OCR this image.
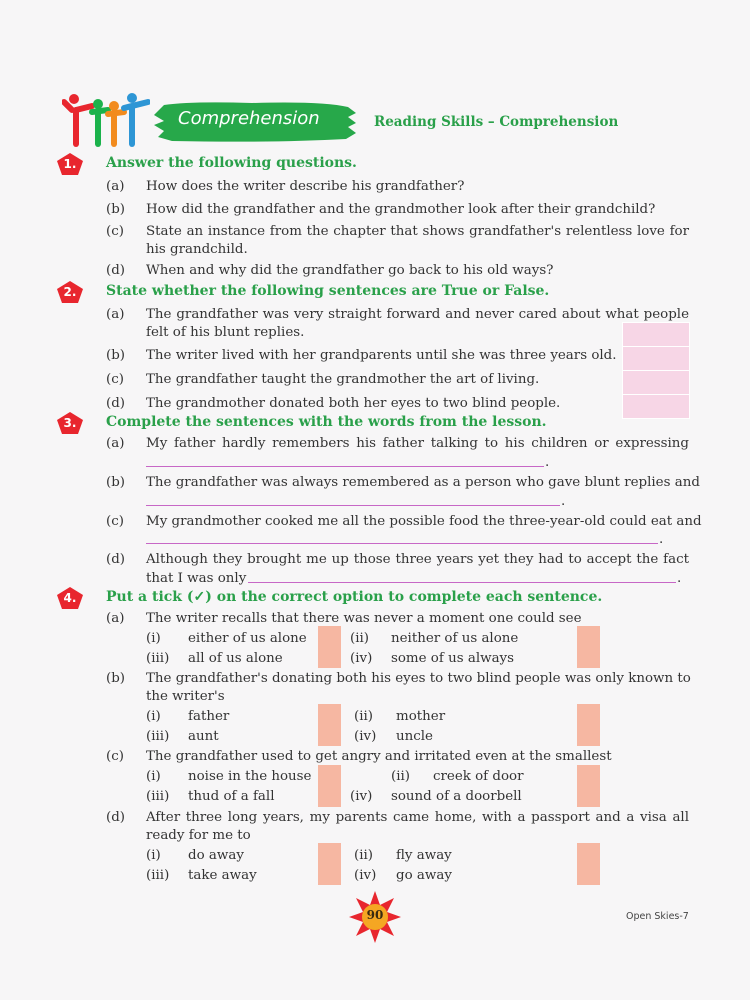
Comprehension	Reading Skills – Comprehension
1.	Answer the following questions.
(a) How does the writer describe his grandfather?
(b) How did the grandfather and the grandmother look after their grandchild?
(c) State an instance from the chapter that shows grandfather's relentless love for
his grandchild.
(d) When and why did the grandfather go back to his old ways?
2.	State whether the following sentences are True or False.
(a) The grandfather was very straight forward and never cared about what people
felt of his blunt replies.
(b) The writer lived with her grandparents until she was three years old.
(c) The grandfather taught the grandmother the art of living.
(d) The grandmother donated both her eyes to two blind people.
3.	Complete the sentences with the words from the lesson.
(a) My father hardly remembers his father talking to his children or expressing
.
(b) The grandfather was always remembered as a person who gave blunt replies and
.
(c) My grandmother cooked me all the possible food the three-year-old could eat and
.
(d) Although they brought me up those three years yet they had to accept the fact
that I was only	.
4.	Put a tick (✓) on the correct option to complete each sentence.
(a) The writer recalls that there was never a moment one could see
(i) either of us alone	(ii) neither of us alone
(iii) all of us alone	(iv) some of us always
(b) The grandfather's donating both his eyes to two blind people was only known to
the writer's
(i) father	(ii) mother
(iii) aunt	(iv) uncle
(c) The grandfather used to get angry and irritated even at the smallest
(i) noise in the house	(ii) creek of door
(iii) thud of a fall	(iv) sound of a doorbell
(d) After three long years, my parents came home, with a passport and a visa all
ready for me to
(i) do away	(ii) fly away
(iii) take away	(iv) go away
90	Open Skies-7
